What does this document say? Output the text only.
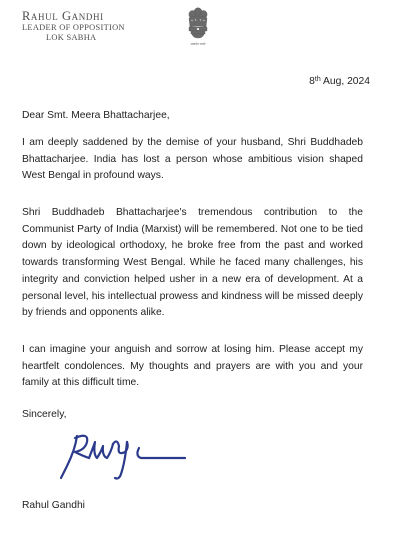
Rahul Gandhi
LEADER OF OPPOSITION
LOK SABHA
सत्यमेव जयते
8th Aug, 2024
Dear Smt. Meera Bhattacharjee,

I am deeply saddened by the demise of your husband, Shri Buddhadeb Bhattacharjee. India has lost a person whose ambitious vision shaped West Bengal in profound ways.

Shri Buddhadeb Bhattacharjee's tremendous contribution to the Communist Party of India (Marxist) will be remembered. Not one to be tied down by ideological orthodoxy, he broke free from the past and worked towards transforming West Bengal. While he faced many challenges, his integrity and conviction helped usher in a new era of development. At a personal level, his intellectual prowess and kindness will be missed deeply by friends and opponents alike.

I can imagine your anguish and sorrow at losing him. Please accept my heartfelt condolences. My thoughts and prayers are with you and your family at this difficult time.

Sincerely,
Rahul Gandhi
